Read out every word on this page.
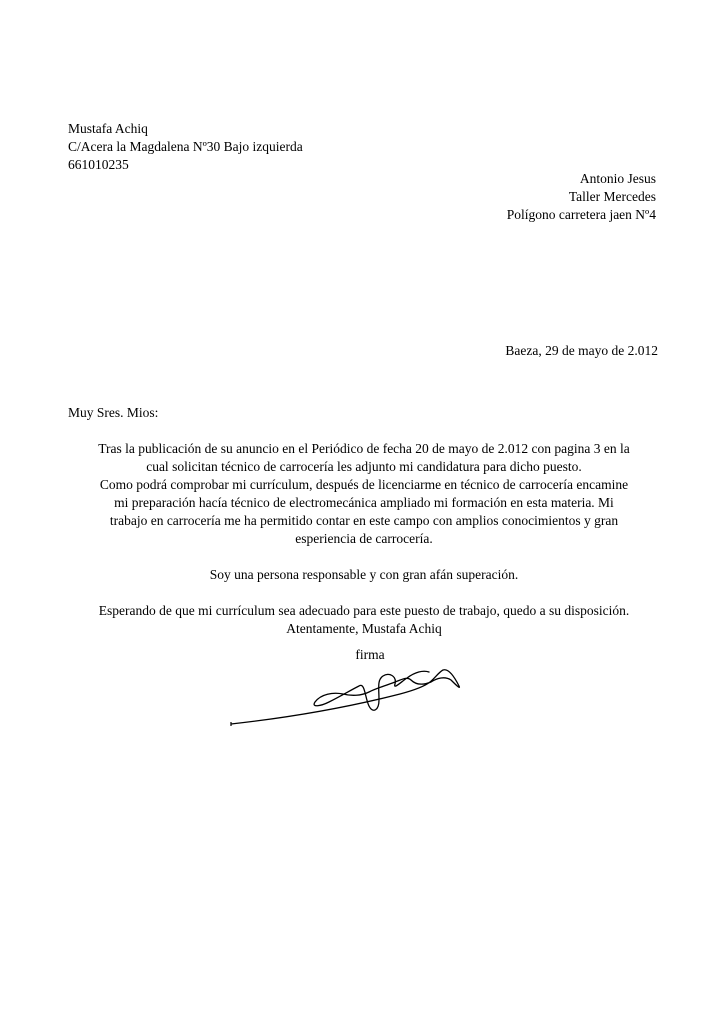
Mustafa Achiq
C/Acera la Magdalena Nº30 Bajo izquierda
661010235
Antonio Jesus
Taller Mercedes
Polígono carretera jaen Nº4
Baeza, 29 de mayo de 2.012
Muy Sres. Mios:
Tras la publicación de su anuncio en el Periódico de fecha 20 de mayo de 2.012 con pagina 3 en la
cual solicitan técnico de carrocería les adjunto mi candidatura para dicho puesto.
Como podrá comprobar mi currículum, después de licenciarme en técnico de carrocería encamine
mi preparación hacía técnico de electromecánica ampliado mi formación en esta materia. Mi
trabajo en carrocería me ha permitido contar en este campo con amplios conocimientos y gran
esperiencia de carrocería.
Soy una persona responsable y con gran afán superación.
Esperando de que mi currículum sea adecuado para este puesto de trabajo, quedo a su disposición.
Atentamente, Mustafa Achiq
firma
